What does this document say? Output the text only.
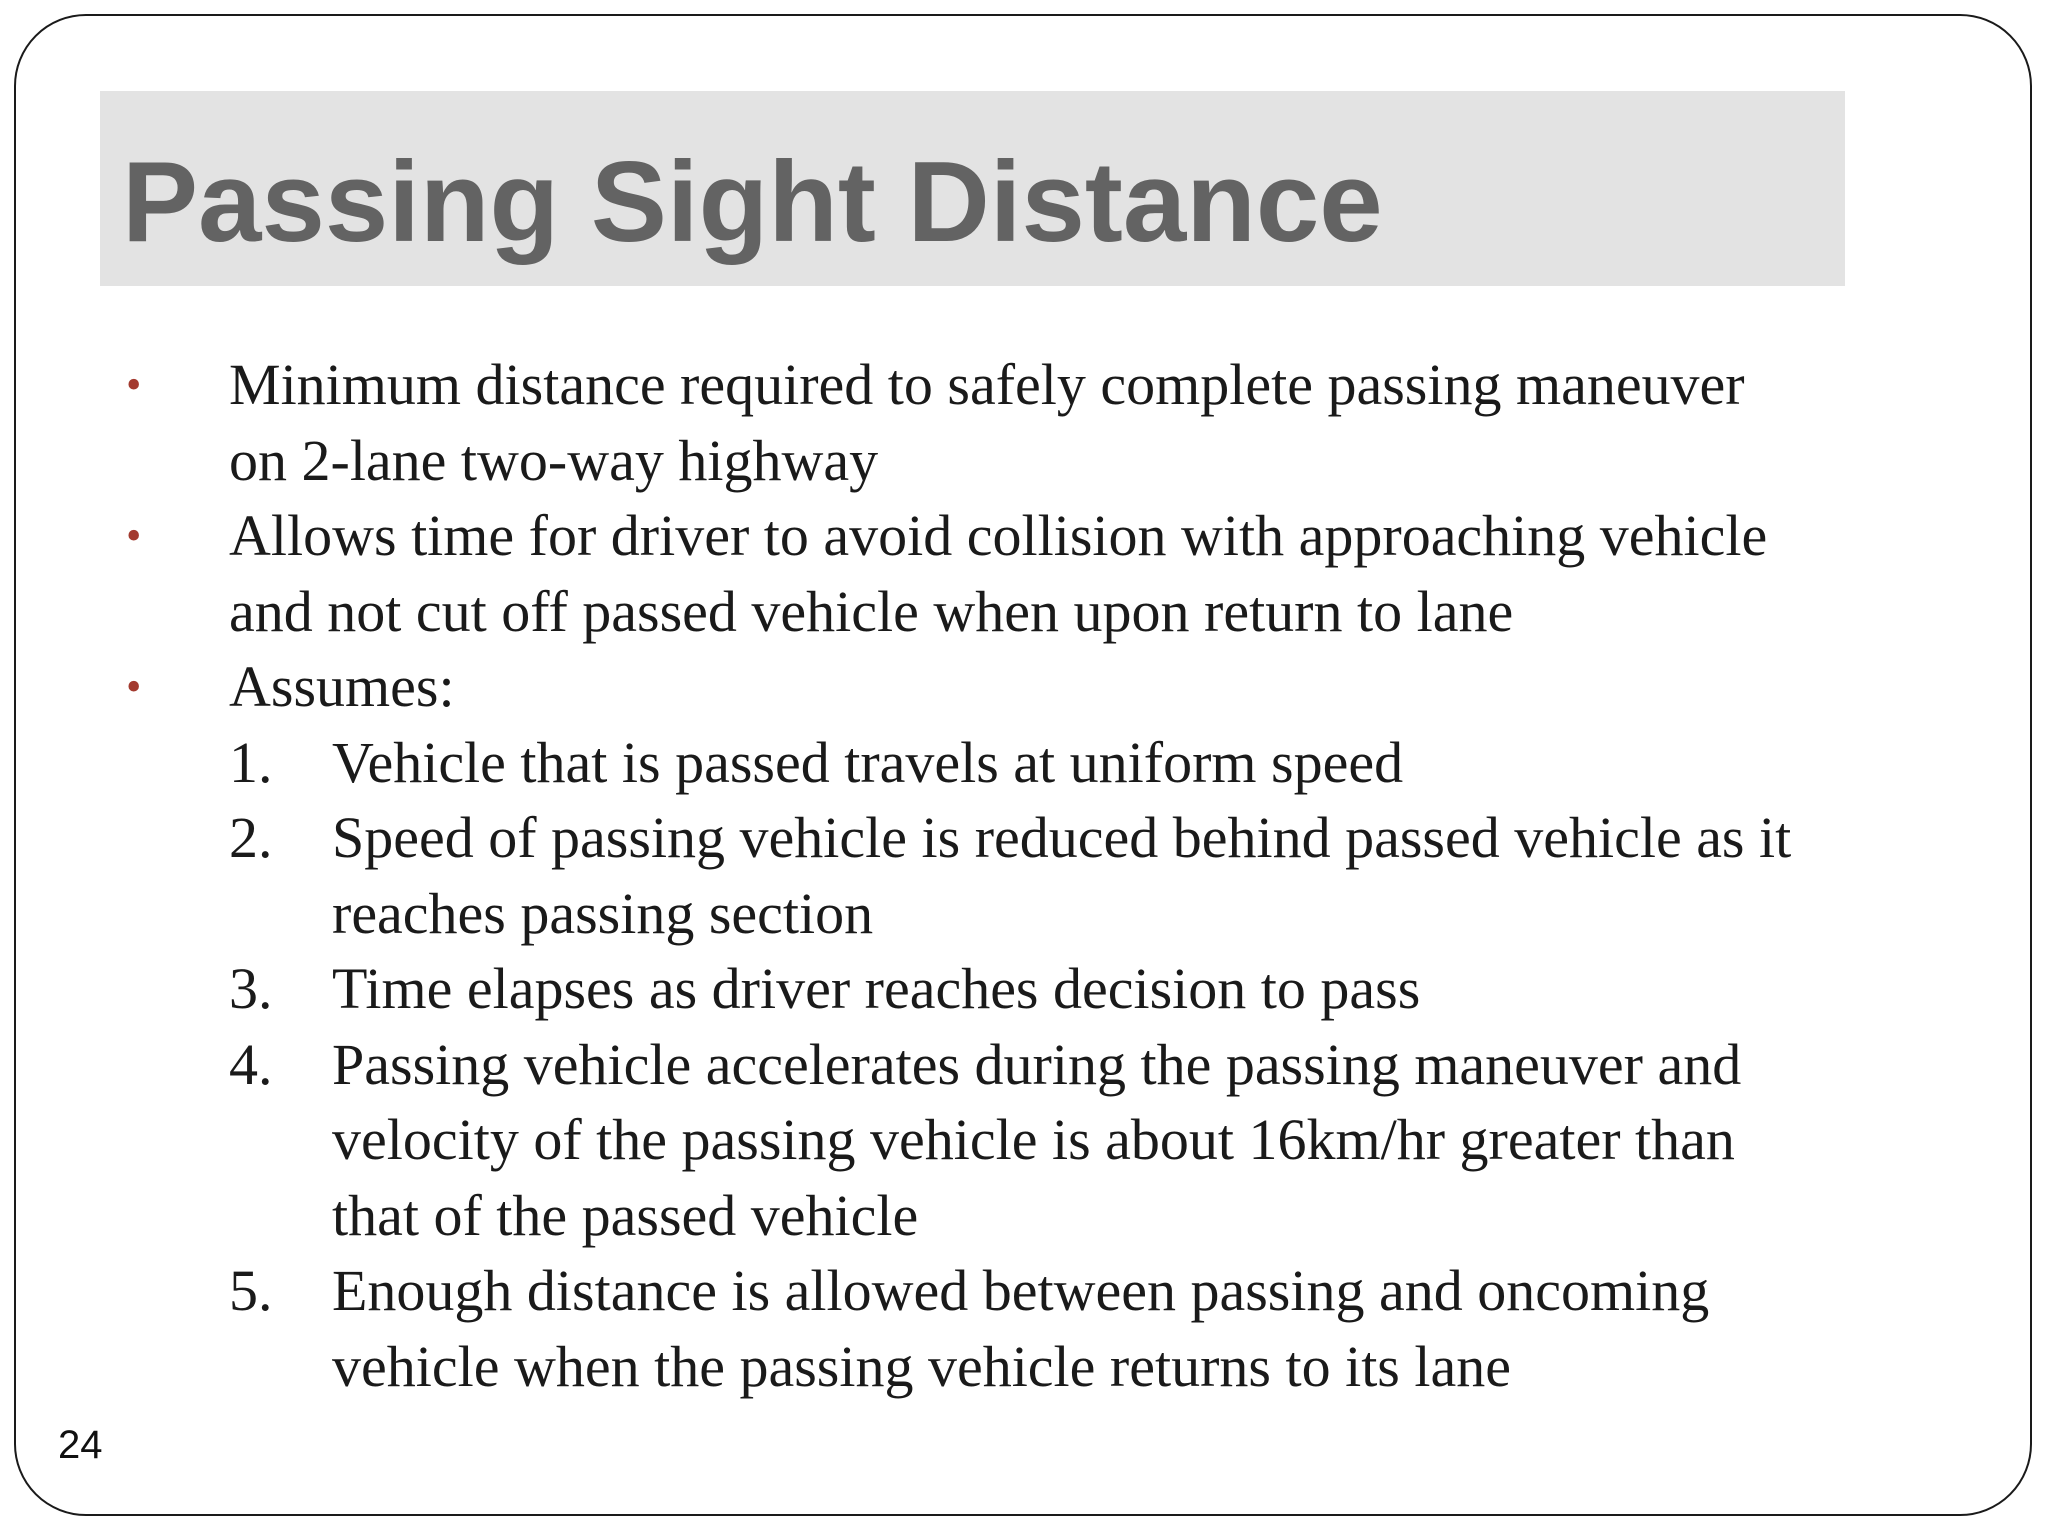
Passing Sight Distance
• Minimum distance required to safely complete passing maneuver
on 2-lane two-way highway
• Allows time for driver to avoid collision with approaching vehicle
and not cut off passed vehicle when upon return to lane
• Assumes:
1. Vehicle that is passed travels at uniform speed
2. Speed of passing vehicle is reduced behind passed vehicle as it
reaches passing section
3. Time elapses as driver reaches decision to pass
4. Passing vehicle accelerates during the passing maneuver and
velocity of the passing vehicle is about 16km/hr greater than
that of the passed vehicle
5. Enough distance is allowed between passing and oncoming
vehicle when the passing vehicle returns to its lane
24
